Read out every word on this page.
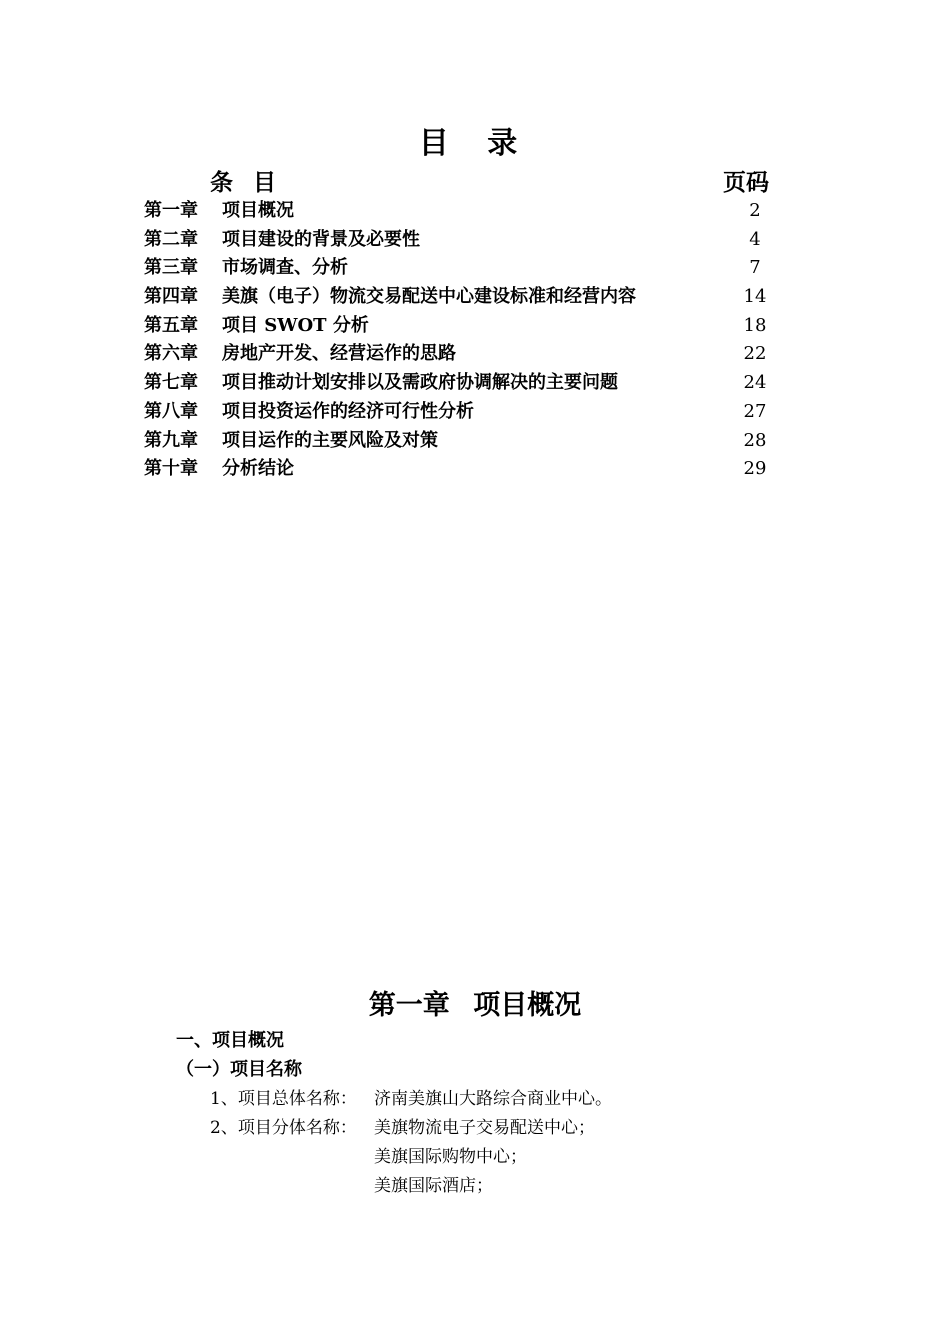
目 录
条 目	页码
第一章 项目概况	2
第二章 项目建设的背景及必要性	4
第三章 市场调查、分析	7
第四章 美旗（电子）物流交易配送中心建设标准和经营内容	14
第五章 项目 SWOT 分析	18
第六章 房地产开发、经营运作的思路	22
第七章 项目推动计划安排以及需政府协调解决的主要问题	24
第八章 项目投资运作的经济可行性分析	27
第九章 项目运作的主要风险及对策	28
第十章 分析结论	29
第一章 项目概况
一、项目概况
（一）项目名称
1、项目总体名称： 济南美旗山大路综合商业中心。
2、项目分体名称： 美旗物流电子交易配送中心；
美旗国际购物中心；
美旗国际酒店；
